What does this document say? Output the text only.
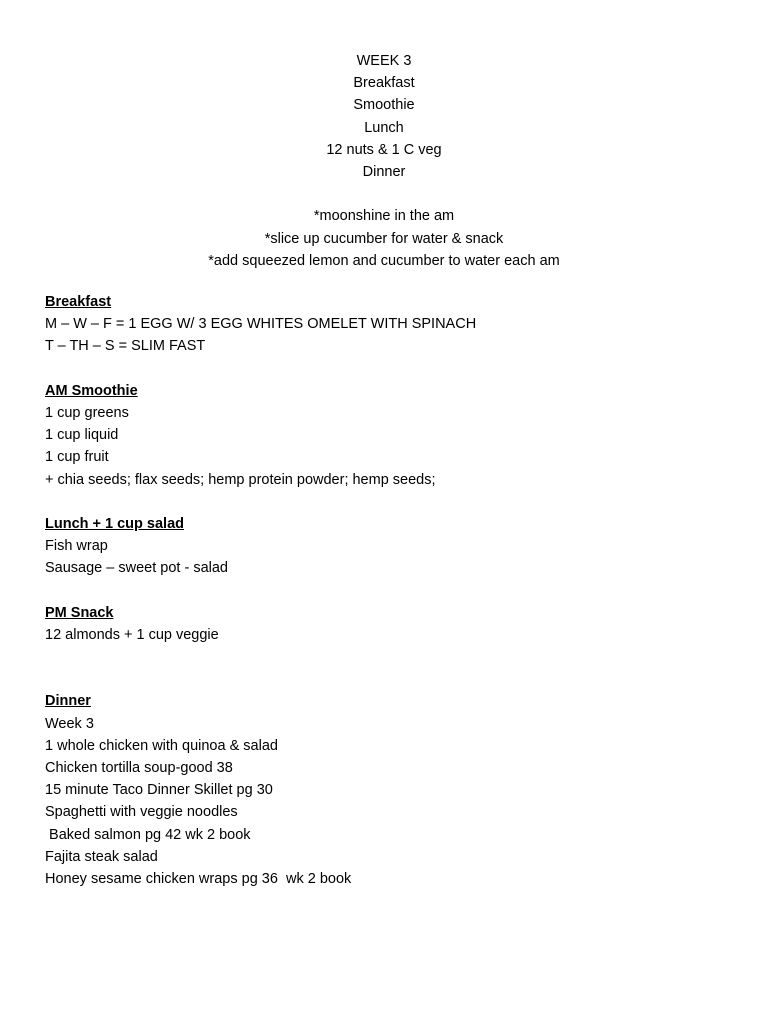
WEEK 3
Breakfast
Smoothie
Lunch
12 nuts & 1 C veg
Dinner
*moonshine in the am
*slice up cucumber for water & snack
*add squeezed lemon and cucumber to water each am
Breakfast
M – W – F = 1 EGG W/ 3 EGG WHITES OMELET WITH SPINACH
T – TH – S = SLIM FAST
AM Smoothie
1 cup greens
1 cup liquid
1 cup fruit
+ chia seeds; flax seeds; hemp protein powder; hemp seeds;
Lunch + 1 cup salad
Fish wrap
Sausage – sweet pot - salad
PM Snack
12 almonds + 1 cup veggie
Dinner
Week 3
1 whole chicken with quinoa & salad
Chicken tortilla soup-good 38
15 minute Taco Dinner Skillet pg 30
Spaghetti with veggie noodles
Baked salmon pg 42 wk 2 book
Fajita steak salad
Honey sesame chicken wraps pg 36  wk 2 book
